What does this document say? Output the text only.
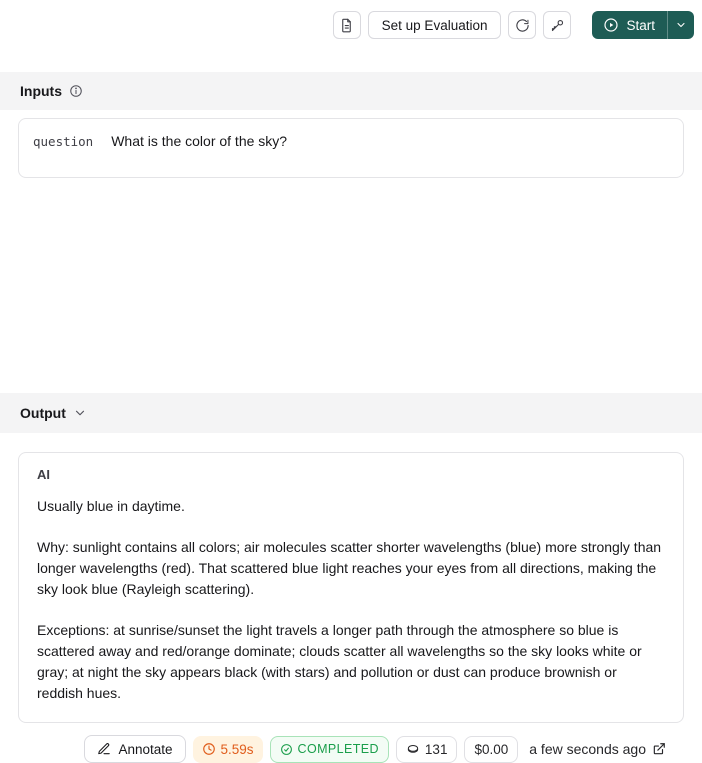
Set up Evaluation	Start
Inputs
question What is the color of the sky?
Output
AI

Usually blue in daytime.

Why: sunlight contains all colors; air molecules scatter shorter wavelengths (blue) more strongly than longer wavelengths (red). That scattered blue light reaches your eyes from all directions, making the sky look blue (Rayleigh scattering).

Exceptions: at sunrise/sunset the light travels a longer path through the atmosphere so blue is scattered away and red/orange dominate; clouds scatter all wavelengths so the sky looks white or gray; at night the sky appears black (with stars) and pollution or dust can produce brownish or reddish hues.

Annotate	5.59s	COMPLETED	131 $0.00 a few seconds ago
